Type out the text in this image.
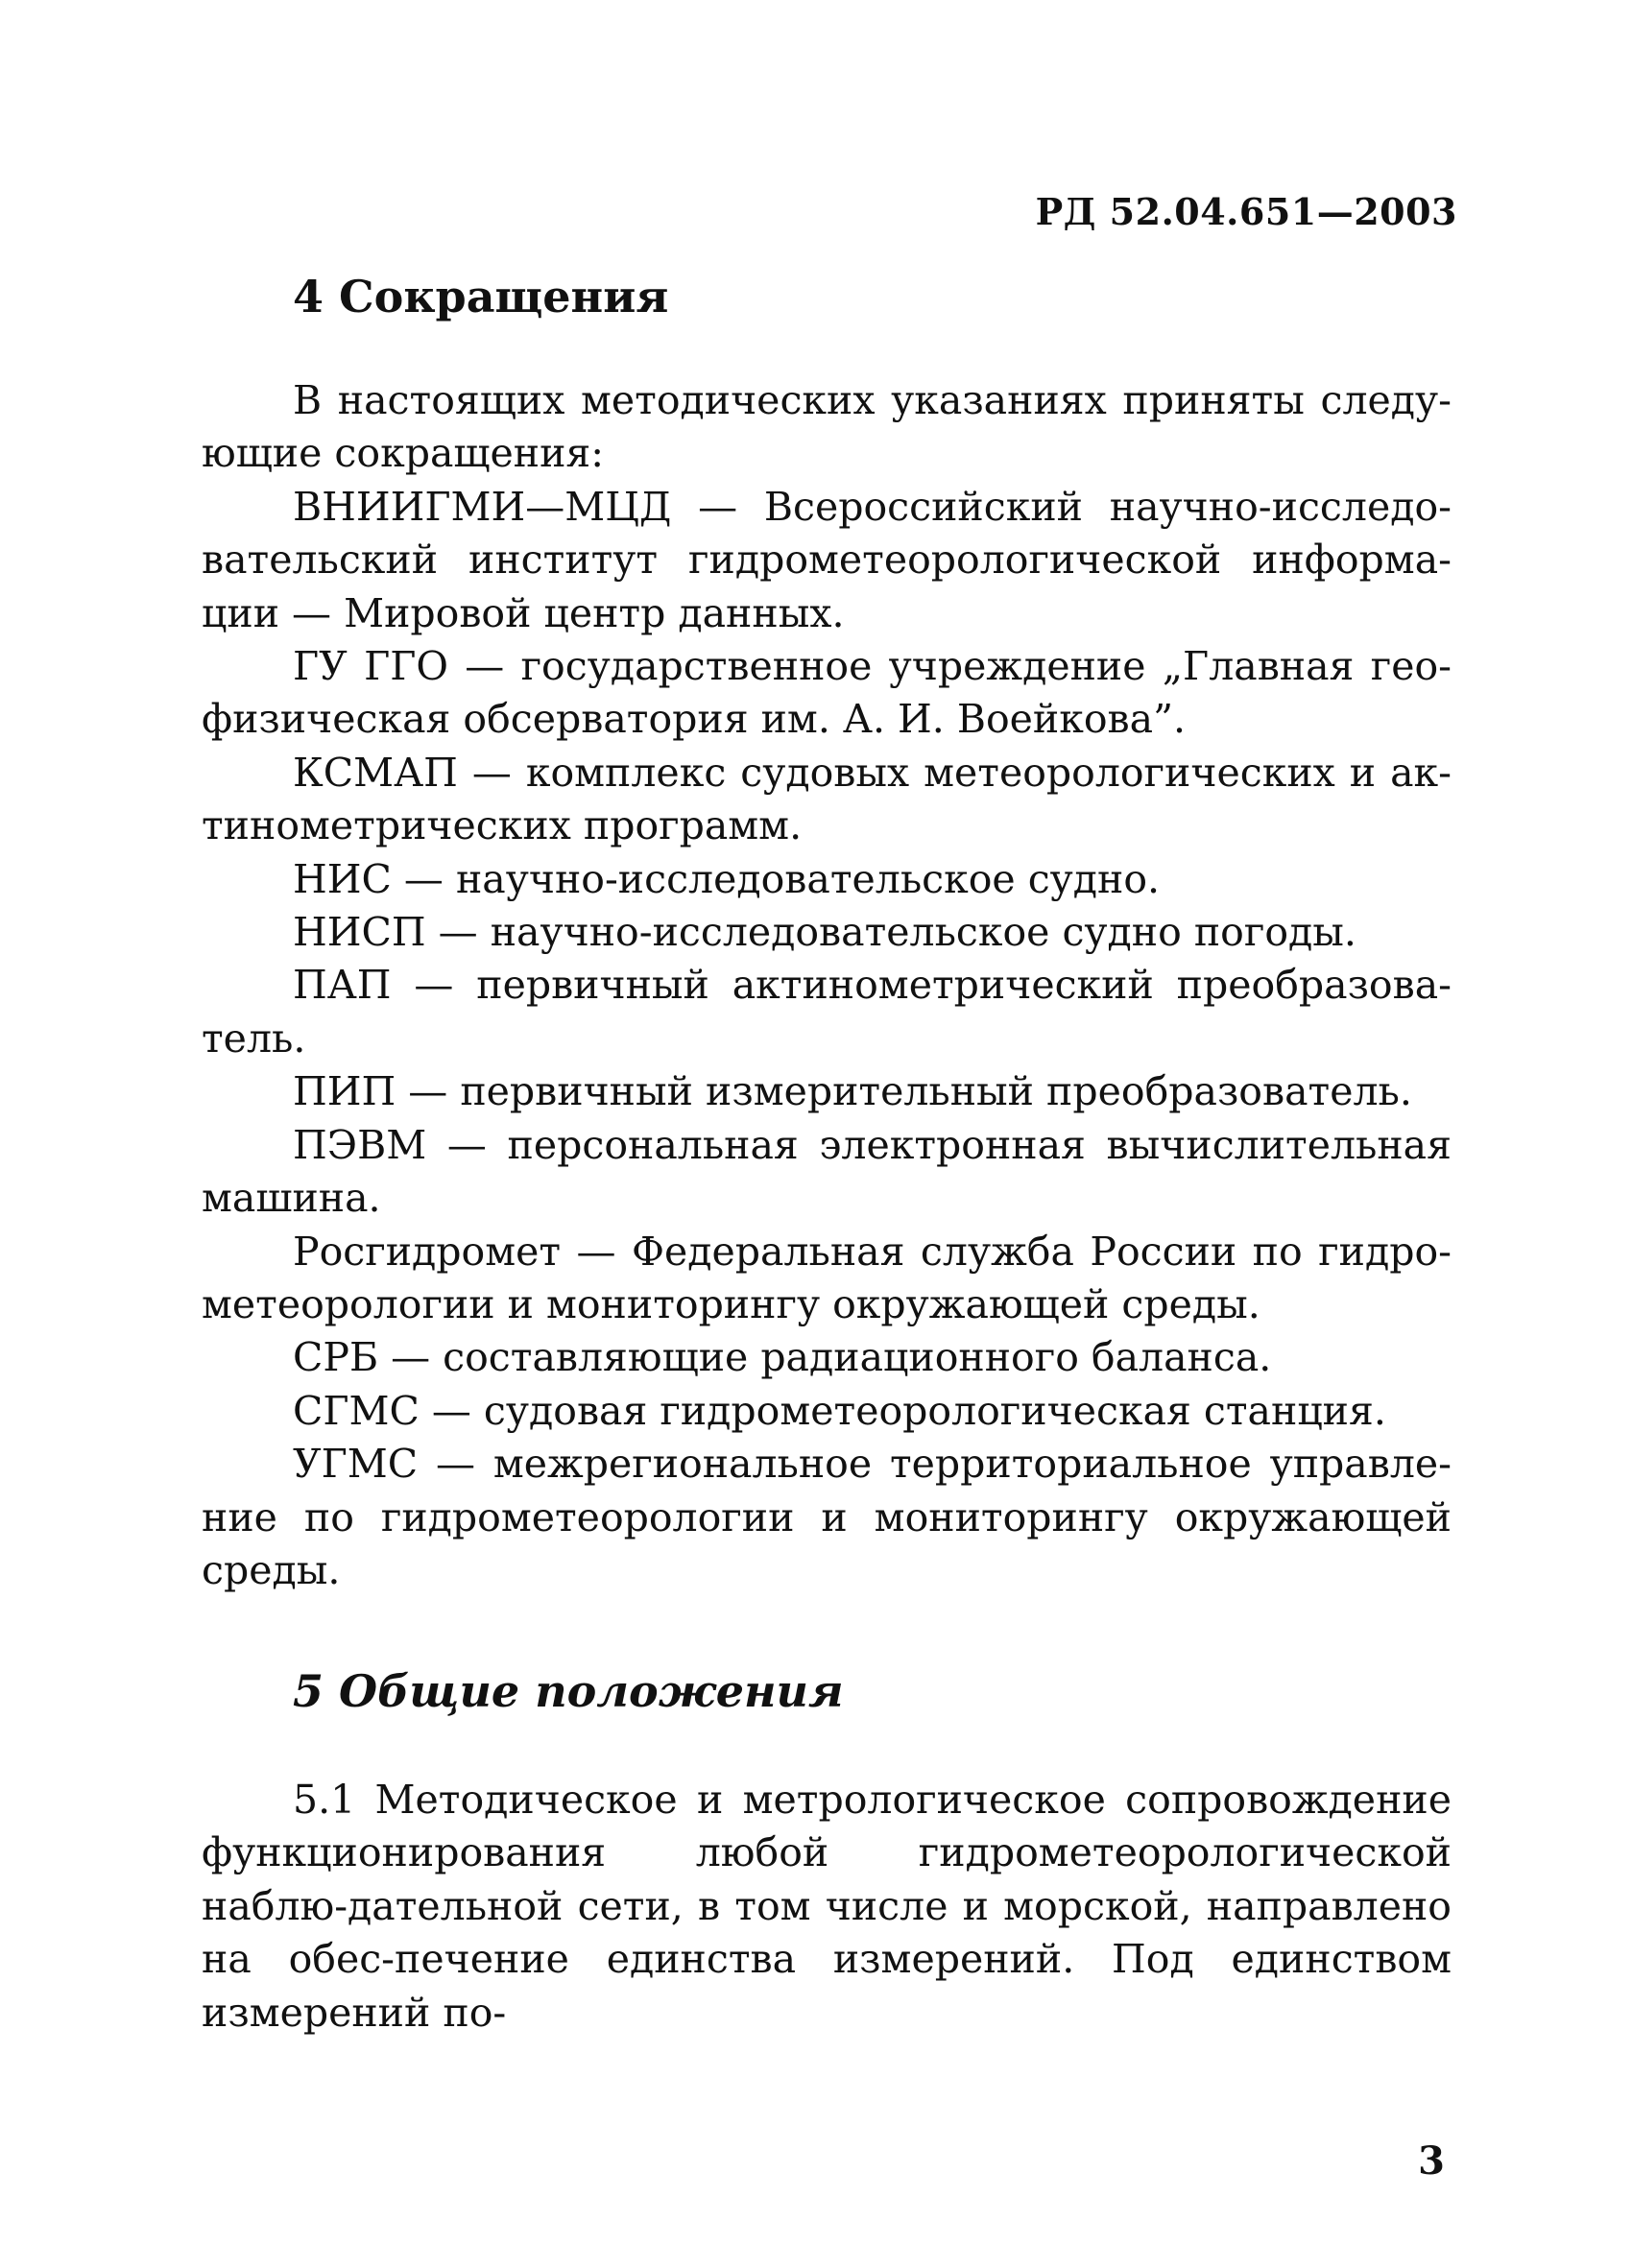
РД 52.04.651—2003
4 Сокращения

В настоящих методических указаниях приняты следу-ющие сокращения:

ВНИИГМИ—МЦД — Всероссийский научно-исследо-вательский институт гидрометеорологической информа-ции — Мировой центр данных.

ГУ ГГО — государственное учреждение „Главная гео-физическая обсерватория им. А. И. Воейкова”.

КСМАП — комплекс судовых метеорологических и ак-тинометрических программ.

НИС — научно-исследовательское судно.

НИСП — научно-исследовательское судно погоды.

ПАП — первичный актинометрический преобразова-тель.

ПИП — первичный измерительный преобразователь.

ПЭВМ — персональная электронная вычислительная машина.

Росгидромет — Федеральная служба России по гидро-метеорологии и мониторингу окружающей среды.

СРБ — составляющие радиационного баланса.

СГМС — судовая гидрометеорологическая станция.

УГМС — межрегиональное территориальное управле-ние по гидрометеорологии и мониторингу окружающей среды.

5 Общие положения

5.1 Методическое и метрологическое сопровождение функционирования любой гидрометеорологической наблю-дательной сети, в том числе и морской, направлено на обес-печение единства измерений. Под единством измерений по-

3
